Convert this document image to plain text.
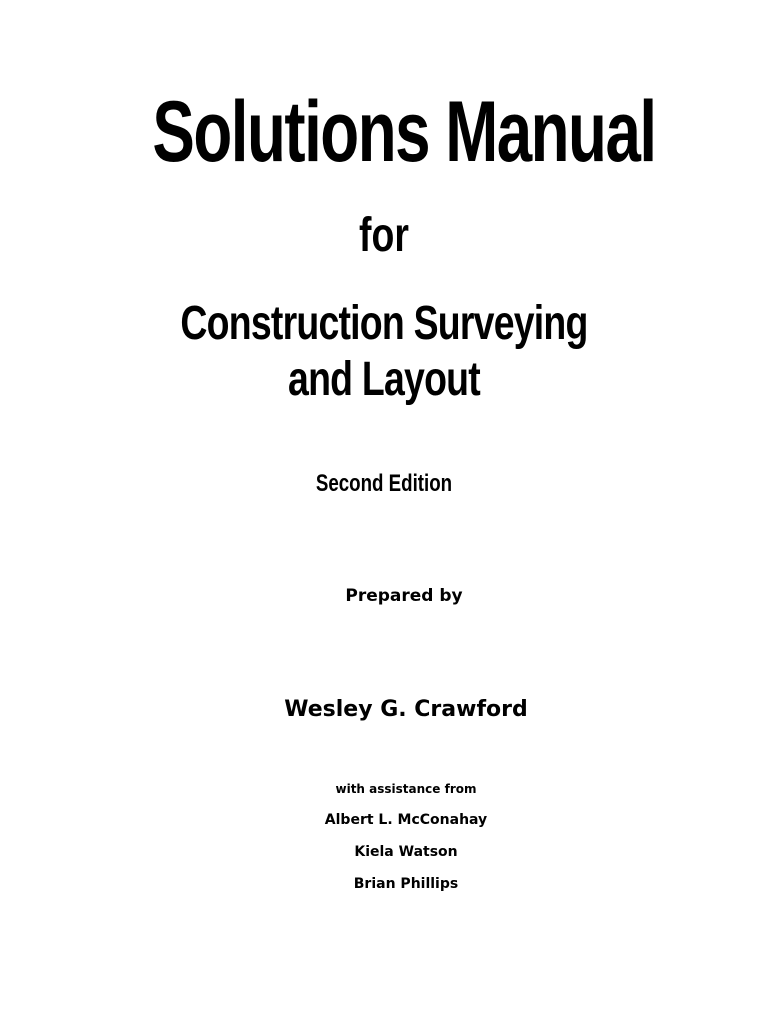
Solutions Manual
for
Construction Surveying
and Layout
Second Edition
Prepared by
Wesley G. Crawford
with assistance from
Albert L. McConahay
Kiela Watson
Brian Phillips
